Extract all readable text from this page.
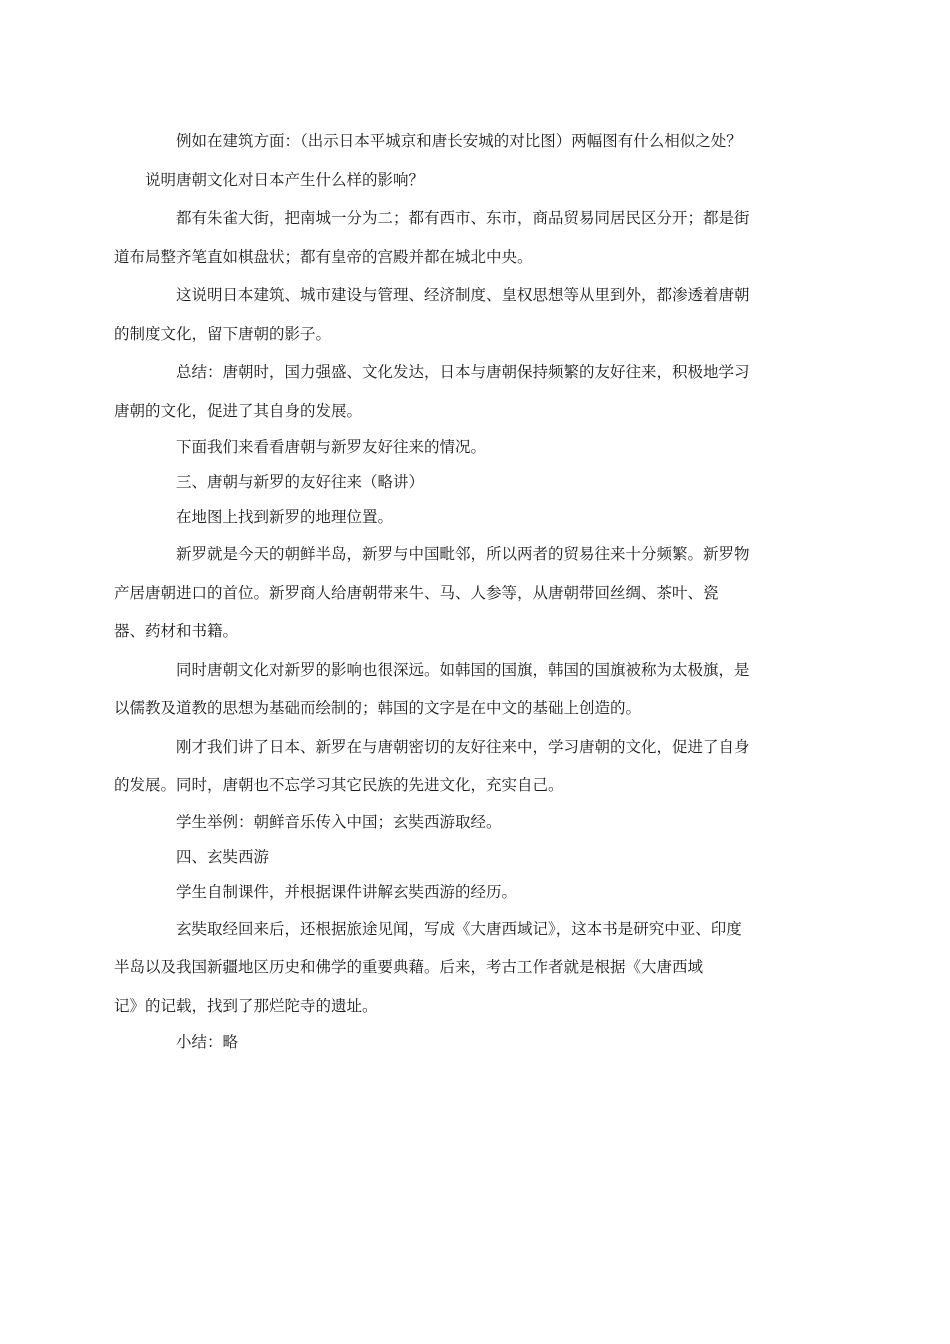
例如在建筑方面：（出示日本平城京和唐长安城的对比图）两幅图有什么相似之处？
说明唐朝文化对日本产生什么样的影响？

都有朱雀大街，把南城一分为二；都有西市、东市，商品贸易同居民区分开；都是街
道布局整齐笔直如棋盘状；都有皇帝的宫殿并都在城北中央。

这说明日本建筑、城市建设与管理、经济制度、皇权思想等从里到外，都渗透着唐朝
的制度文化，留下唐朝的影子。

总结：唐朝时，国力强盛、文化发达，日本与唐朝保持频繁的友好往来，积极地学习
唐朝的文化，促进了其自身的发展。

下面我们来看看唐朝与新罗友好往来的情况。

三、唐朝与新罗的友好往来（略讲）

在地图上找到新罗的地理位置。

新罗就是今天的朝鲜半岛，新罗与中国毗邻，所以两者的贸易往来十分频繁。新罗物
产居唐朝进口的首位。新罗商人给唐朝带来牛、马、人参等，从唐朝带回丝绸、茶叶、瓷
器、药材和书籍。

同时唐朝文化对新罗的影响也很深远。如韩国的国旗，韩国的国旗被称为太极旗，是
以儒教及道教的思想为基础而绘制的；韩国的文字是在中文的基础上创造的。

刚才我们讲了日本、新罗在与唐朝密切的友好往来中，学习唐朝的文化，促进了自身
的发展。同时，唐朝也不忘学习其它民族的先进文化，充实自己。

学生举例：朝鲜音乐传入中国；玄奘西游取经。

四、玄奘西游

学生自制课件，并根据课件讲解玄奘西游的经历。

玄奘取经回来后，还根据旅途见闻，写成《大唐西域记》，这本书是研究中亚、印度
半岛以及我国新疆地区历史和佛学的重要典藉。后来，考古工作者就是根据《大唐西域
记》的记载，找到了那烂陀寺的遗址。

小结：略
